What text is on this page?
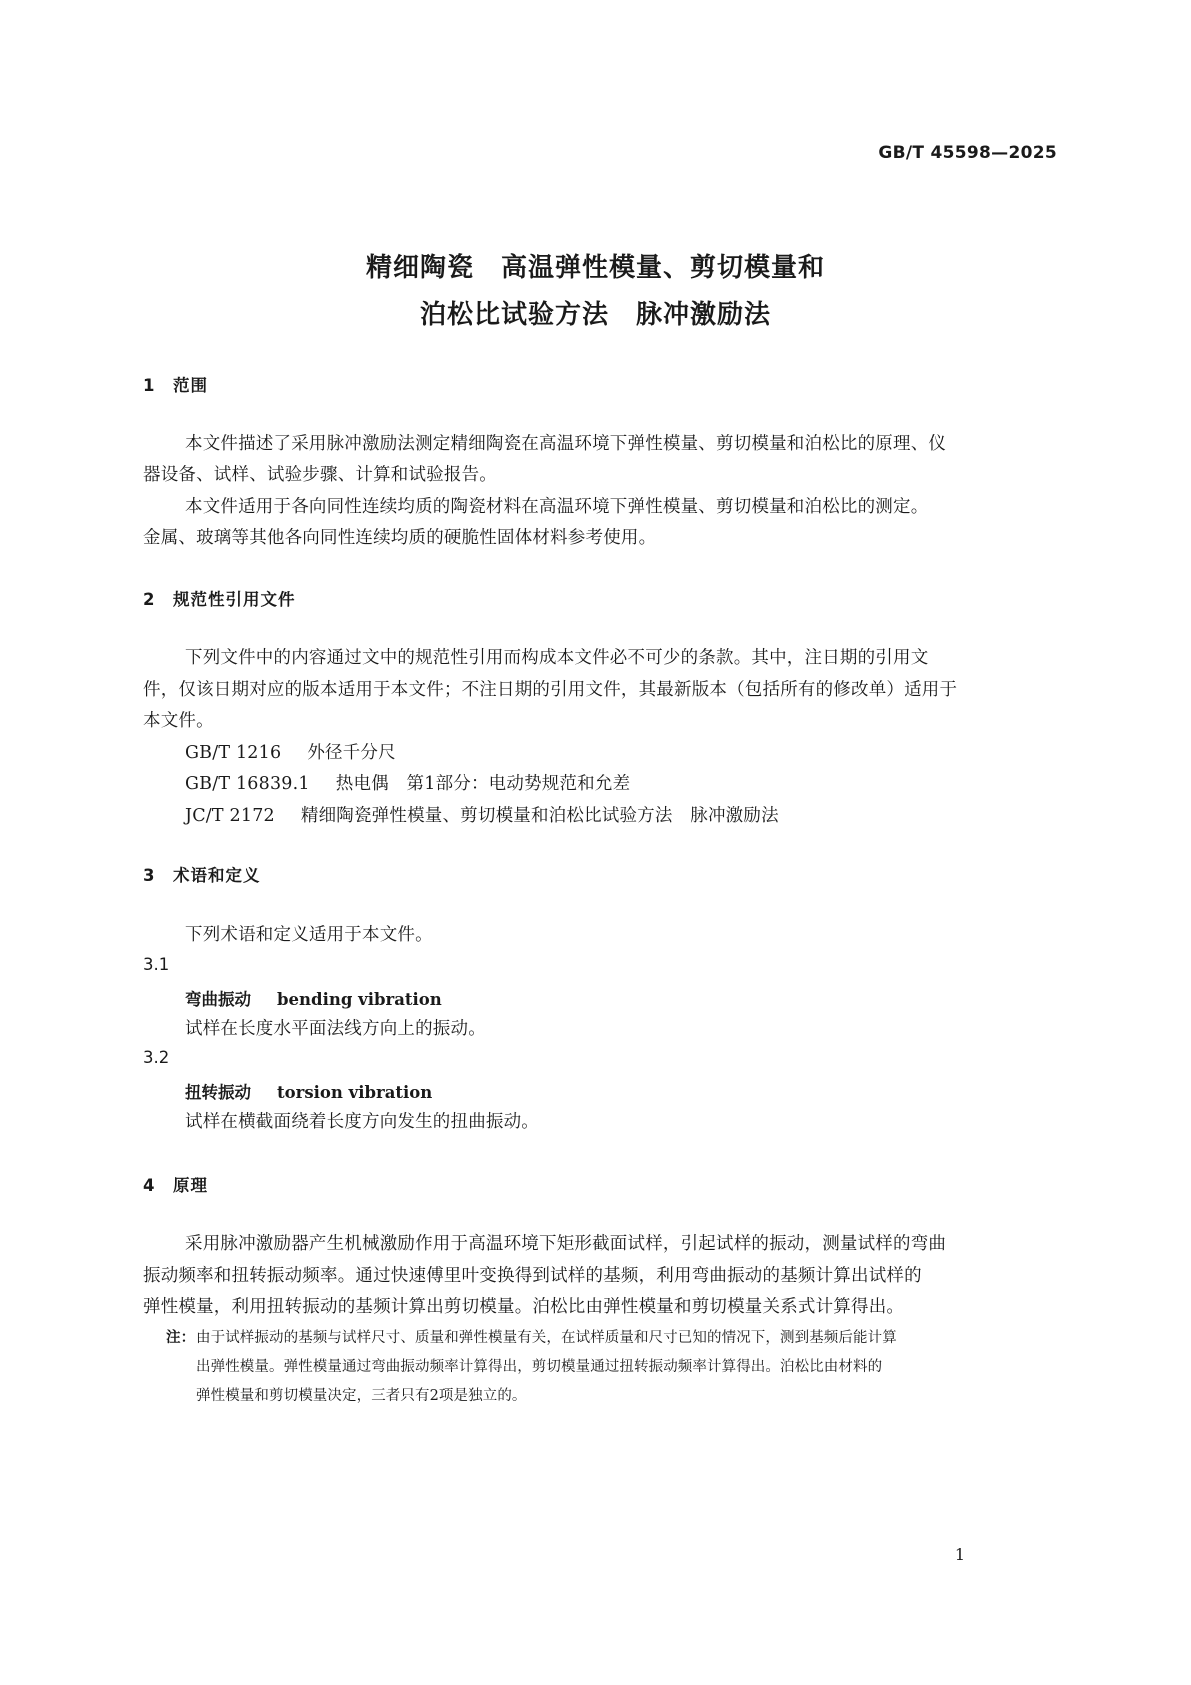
GB/T 45598—2025
精细陶瓷　高温弹性模量、剪切模量和
泊松比试验方法　脉冲激励法
1 范围
本文件描述了采用脉冲激励法测定精细陶瓷在高温环境下弹性模量、剪切模量和泊松比的原理、仪
器设备、试样、试验步骤、计算和试验报告。
本文件适用于各向同性连续均质的陶瓷材料在高温环境下弹性模量、剪切模量和泊松比的测定。
金属、玻璃等其他各向同性连续均质的硬脆性固体材料参考使用。
2 规范性引用文件
下列文件中的内容通过文中的规范性引用而构成本文件必不可少的条款。其中，注日期的引用文
件，仅该日期对应的版本适用于本文件；不注日期的引用文件，其最新版本（包括所有的修改单）适用于
本文件。
GB/T 1216 外径千分尺
GB/T 16839.1 热电偶　第1部分：电动势规范和允差
JC/T 2172 精细陶瓷弹性模量、剪切模量和泊松比试验方法　脉冲激励法
3 术语和定义
下列术语和定义适用于本文件。
3.1
弯曲振动 bending vibration
试样在长度水平面法线方向上的振动。
3.2
扭转振动 torsion vibration
试样在横截面绕着长度方向发生的扭曲振动。
4 原理
采用脉冲激励器产生机械激励作用于高温环境下矩形截面试样，引起试样的振动，测量试样的弯曲
振动频率和扭转振动频率。通过快速傅里叶变换得到试样的基频，利用弯曲振动的基频计算出试样的
弹性模量，利用扭转振动的基频计算出剪切模量。泊松比由弹性模量和剪切模量关系式计算得出。
注： 由于试样振动的基频与试样尺寸、质量和弹性模量有关，在试样质量和尺寸已知的情况下，测到基频后能计算
出弹性模量。弹性模量通过弯曲振动频率计算得出，剪切模量通过扭转振动频率计算得出。泊松比由材料的
弹性模量和剪切模量决定，三者只有2项是独立的。
1
